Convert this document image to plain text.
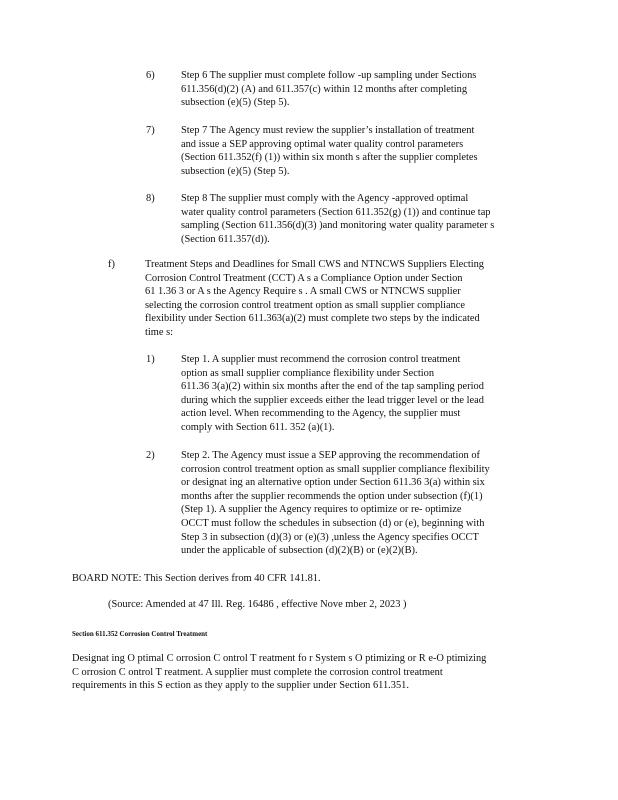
6)	Step 6 The supplier must complete follow -up sampling under Sections
611.356(d)(2) (A) and 611.357(c) within 12 months after completing
subsection (e)(5) (Step 5).
7)	Step 7 The Agency must review the supplier’s installation of treatment
and issue a SEP approving optimal water quality control parameters
(Section 611.352(f) (1)) within six month s after the supplier completes
subsection (e)(5) (Step 5).
8)	Step 8 The supplier must comply with the Agency -approved optimal
water quality control parameters (Section 611.352(g) (1)) and continue tap
sampling (Section 611.356(d)(3) )and monitoring water quality parameter s
(Section 611.357(d)).
f)	Treatment Steps and Deadlines for Small CWS and NTNCWS Suppliers Electing
Corrosion Control Treatment (CCT) A s a Compliance Option under Section
61 1.36 3 or A s the Agency Require s . A small CWS or NTNCWS supplier
selecting the corrosion control treatment option as small supplier compliance
flexibility under Section 611.363(a)(2) must complete two steps by the indicated
time s:
1)	Step 1. A supplier must recommend the corrosion control treatment
option as small supplier compliance flexibility under Section
611.36 3(a)(2) within six months after the end of the tap sampling period
during which the supplier exceeds either the lead trigger level or the lead
action level. When recommending to the Agency, the supplier must
comply with Section 611. 352 (a)(1).
2)	Step 2. The Agency must issue a SEP approving the recommendation of
corrosion control treatment option as small supplier compliance flexibility
or designat ing an alternative option under Section 611.36 3(a) within six
months after the supplier recommends the option under subsection (f)(1)
(Step 1). A supplier the Agency requires to optimize or re- optimize
OCCT must follow the schedules in subsection (d) or (e), beginning with
Step 3 in subsection (d)(3) or (e)(3) ,unless the Agency specifies OCCT
under the applicable of subsection (d)(2)(B) or (e)(2)(B).
BOARD NOTE: This Section derives from 40 CFR 141.81.
(Source: Amended at 47 Ill. Reg. 16486 , effective Nove mber 2, 2023 )
Section 611.352 Corrosion Control Treatment
Designat ing O ptimal C orrosion C ontrol T reatment fo r System s O ptimizing or R e-O ptimizing
C orrosion C ontrol T reatment. A supplier must complete the corrosion control treatment
requirements in this S ection as they apply to the supplier under Section 611.351.
